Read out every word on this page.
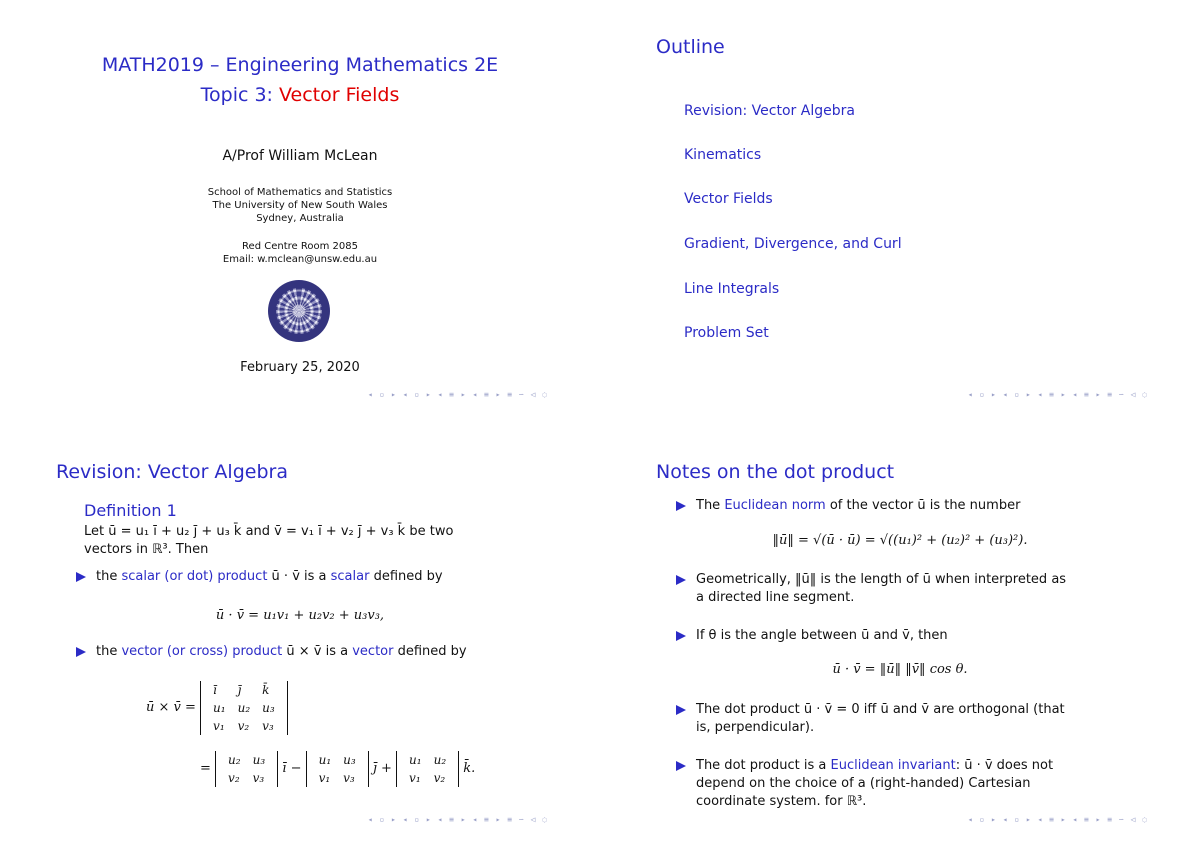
MATH2019 – Engineering Mathematics 2E
Topic 3: Vector Fields
A/Prof William McLean
School of Mathematics and Statistics
The University of New South Wales
Sydney, Australia
Red Centre Room 2085
Email: w.mclean@unsw.edu.au
February 25, 2020
◂ ▫ ▸ ◂ ▫ ▸ ◂ ≡ ▸ ◂ ≡ ▸ ≡ ∽ ◁ ◌
Outline
Revision: Vector Algebra
Kinematics
Vector Fields
Gradient, Divergence, and Curl
Line Integrals
Problem Set
◂ ▫ ▸ ◂ ▫ ▸ ◂ ≡ ▸ ◂ ≡ ▸ ≡ ∽ ◁ ◌
Revision: Vector Algebra
Definition 1
Let ū = u₁ ī + u₂ j̄ + u₃ k̄ and v̄ = v₁ ī + v₂ j̄ + v₃ k̄ be two
vectors in ℝ³. Then
the scalar (or dot) product ū · v̄ is a scalar defined by
ū · v̄ = u₁v₁ + u₂v₂ + u₃v₃,
the vector (or cross) product ū × v̄ is a vector defined by
ū × v̄ =
ī	j̄	k̄
u₁	u₂	u₃
v₁	v₂	v₃
=
u₂	u₃
v₂	v₃
ī −
u₁	u₃
v₁	v₃
j̄ +
u₁	u₂
v₁	v₂
k̄.
◂ ▫ ▸ ◂ ▫ ▸ ◂ ≡ ▸ ◂ ≡ ▸ ≡ ∽ ◁ ◌
Notes on the dot product
The Euclidean norm of the vector ū is the number
‖ū‖ = √(ū · ū) = √((u₁)² + (u₂)² + (u₃)²).
Geometrically, ‖ū‖ is the length of ū when interpreted as
a directed line segment.
If θ is the angle between ū and v̄, then
ū · v̄ = ‖ū‖ ‖v̄‖ cos θ.
The dot product ū · v̄ = 0 iff ū and v̄ are orthogonal (that
is, perpendicular).
The dot product is a Euclidean invariant: ū · v̄ does not
depend on the choice of a (right-handed) Cartesian
coordinate system. for ℝ³.
◂ ▫ ▸ ◂ ▫ ▸ ◂ ≡ ▸ ◂ ≡ ▸ ≡ ∽ ◁ ◌
